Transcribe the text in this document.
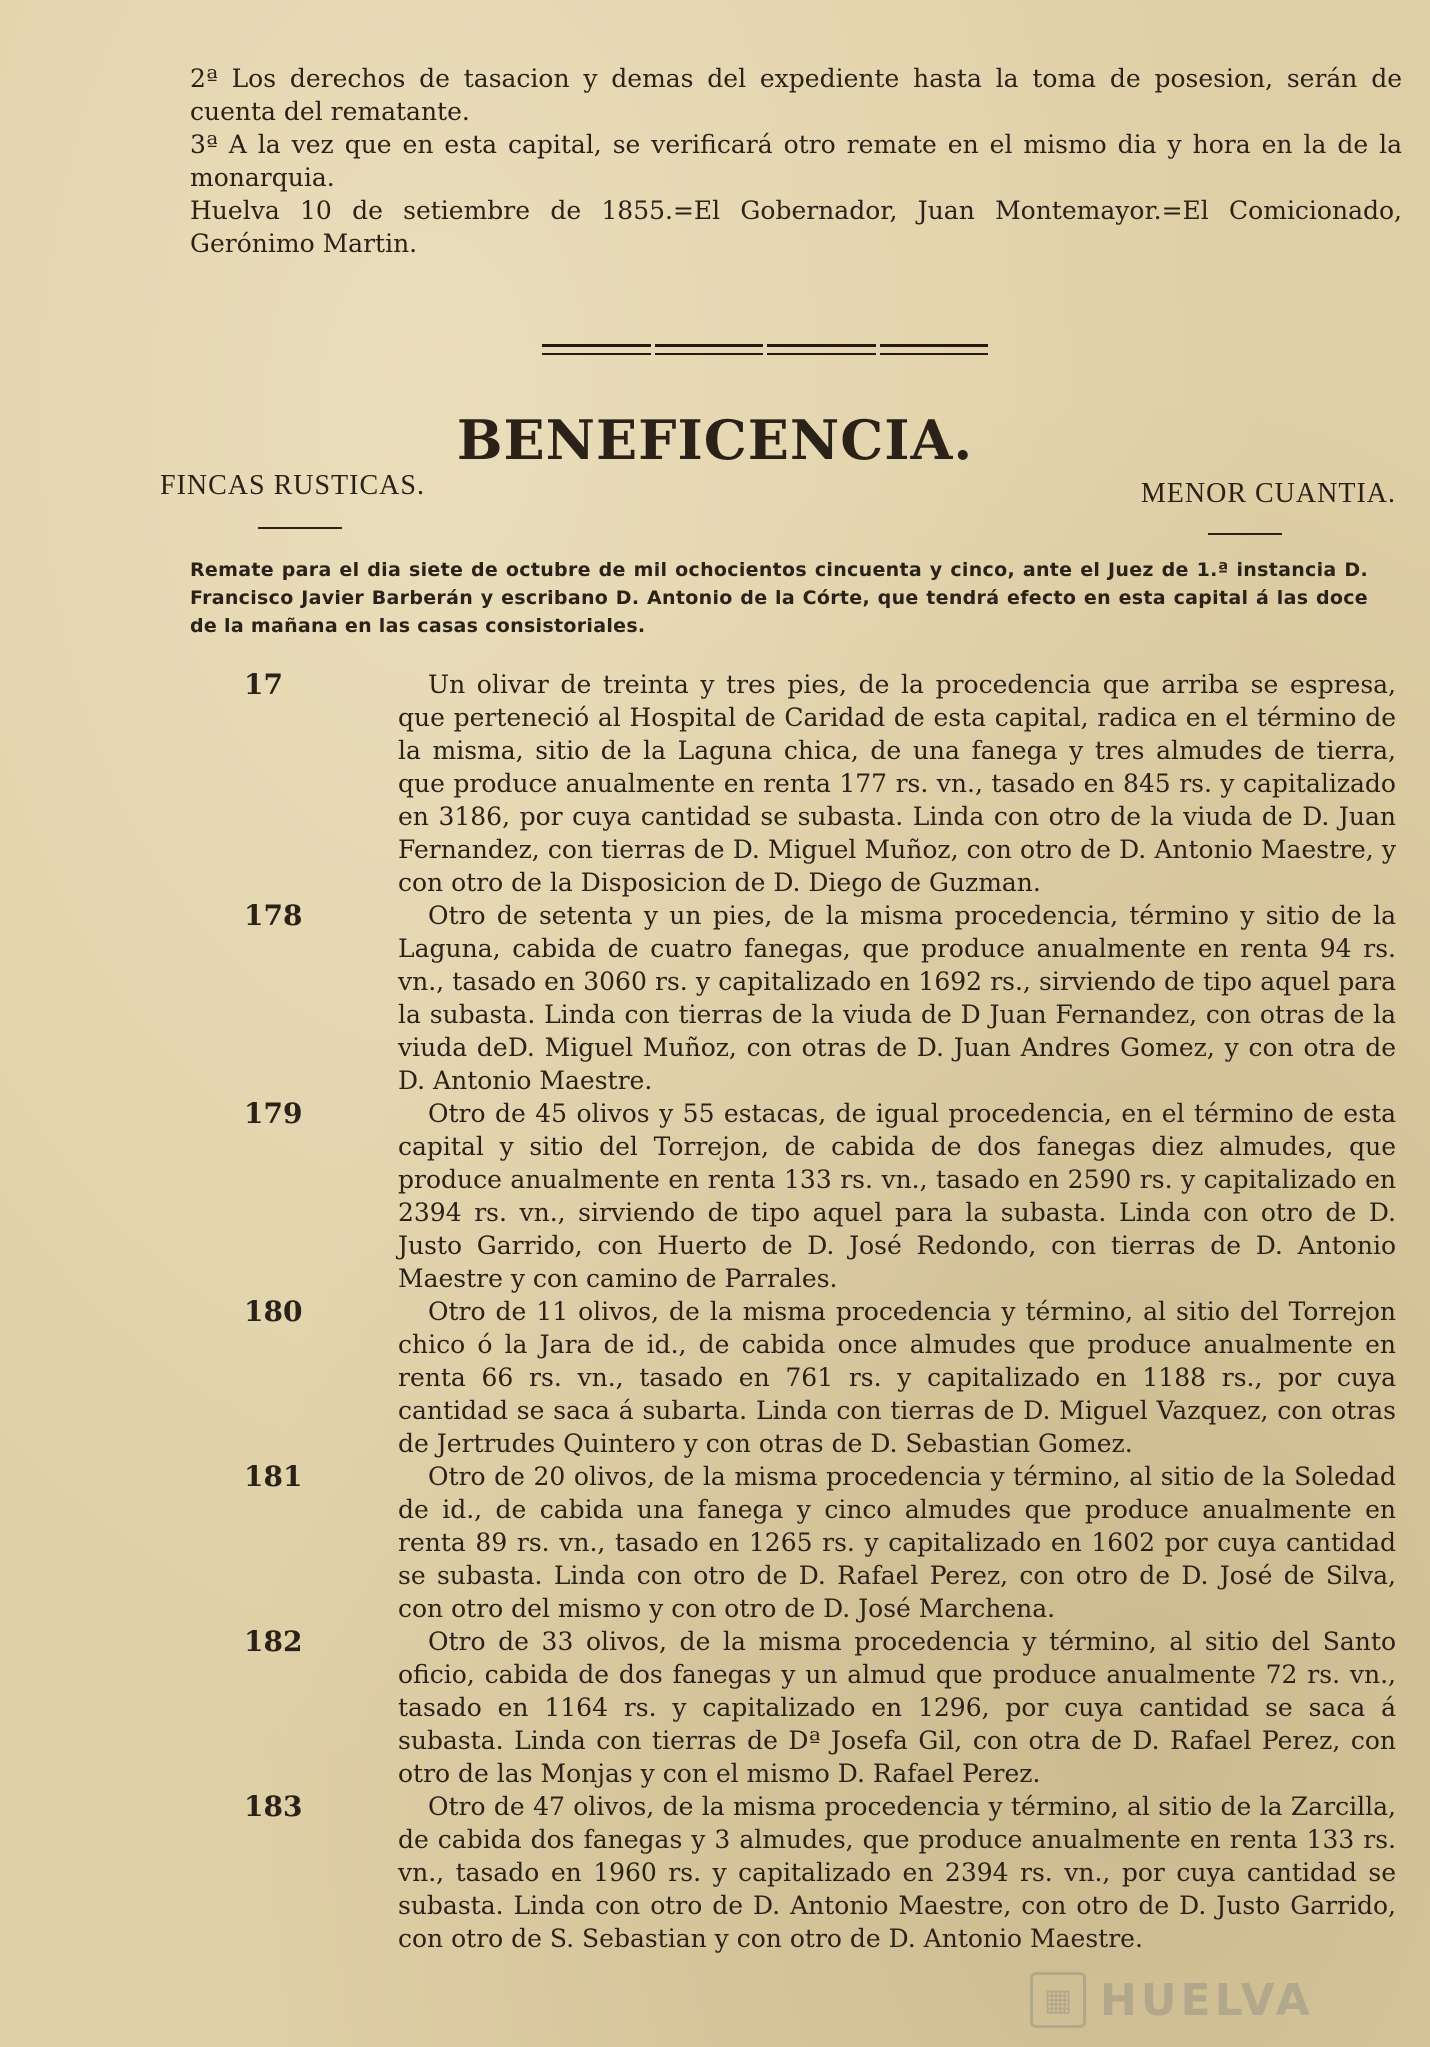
2ª Los derechos de tasacion y demas del expediente hasta la toma de posesion, serán de cuenta del rematante.

3ª A la vez que en esta capital, se verificará otro remate en el mismo dia y hora en la de la monarquia.

Huelva 10 de setiembre de 1855.=El Gobernador, Juan Montemayor.=El Comicionado, Gerónimo Martin.

BENEFICENCIA.
FINCAS RUSTICAS.	MENOR CUANTIA.
Remate para el dia siete de octubre de mil ochocientos cincuenta y cinco, ante el Juez de 1.ª instancia D. Francisco Javier Barberán y escribano D. Antonio de la Córte, que tendrá efecto en esta capital á las doce de la mañana en las casas consistoriales.
17	Un olivar de treinta y tres pies, de la procedencia que arriba se espresa, que perteneció al Hospital de Caridad de esta capital, radica en el término de la misma, sitio de la Laguna chica, de una fanega y tres almudes de tierra, que produce anualmente en renta 177 rs. vn., tasado en 845 rs. y capitalizado en 3186, por cuya cantidad se subasta. Linda con otro de la viuda de D. Juan Fernandez, con tierras de D. Miguel Muñoz, con otro de D. Antonio Maestre, y con otro de la Disposicion de D. Diego de Guzman.
178	Otro de setenta y un pies, de la misma procedencia, término y sitio de la Laguna, cabida de cuatro fanegas, que produce anualmente en renta 94 rs. vn., tasado en 3060 rs. y capitalizado en 1692 rs., sirviendo de tipo aquel para la subasta. Linda con tierras de la viuda de D Juan Fernandez, con otras de la viuda deD. Miguel Muñoz, con otras de D. Juan Andres Gomez, y con otra de D. Antonio Maestre.
179	Otro de 45 olivos y 55 estacas, de igual procedencia, en el término de esta capital y sitio del Torrejon, de cabida de dos fanegas diez almudes, que produce anualmente en renta 133 rs. vn., tasado en 2590 rs. y capitalizado en 2394 rs. vn., sirviendo de tipo aquel para la subasta. Linda con otro de D. Justo Garrido, con Huerto de D. José Redondo, con tierras de D. Antonio Maestre y con camino de Parrales.
180	Otro de 11 olivos, de la misma procedencia y término, al sitio del Torrejon chico ó la Jara de id., de cabida once almudes que produce anualmente en renta 66 rs. vn., tasado en 761 rs. y capitalizado en 1188 rs., por cuya cantidad se saca á subarta. Linda con tierras de D. Miguel Vazquez, con otras de Jertrudes Quintero y con otras de D. Sebastian Gomez.
181	Otro de 20 olivos, de la misma procedencia y término, al sitio de la Soledad de id., de cabida una fanega y cinco almudes que produce anualmente en renta 89 rs. vn., tasado en 1265 rs. y capitalizado en 1602 por cuya cantidad se subasta. Linda con otro de D. Rafael Perez, con otro de D. José de Silva, con otro del mismo y con otro de D. José Marchena.
182	Otro de 33 olivos, de la misma procedencia y término, al sitio del Santo oficio, cabida de dos fanegas y un almud que produce anualmente 72 rs. vn., tasado en 1164 rs. y capitalizado en 1296, por cuya cantidad se saca á subasta. Linda con tierras de Dª Josefa Gil, con otra de D. Rafael Perez, con otro de las Monjas y con el mismo D. Rafael Perez.
183	Otro de 47 olivos, de la misma procedencia y término, al sitio de la Zarcilla, de cabida dos fanegas y 3 almudes, que produce anualmente en renta 133 rs. vn., tasado en 1960 rs. y capitalizado en 2394 rs. vn., por cuya cantidad se subasta. Linda con otro de D. Antonio Maestre, con otro de D. Justo Garrido, con otro de S. Sebastian y con otro de D. Antonio Maestre.
▦ HUELVA
